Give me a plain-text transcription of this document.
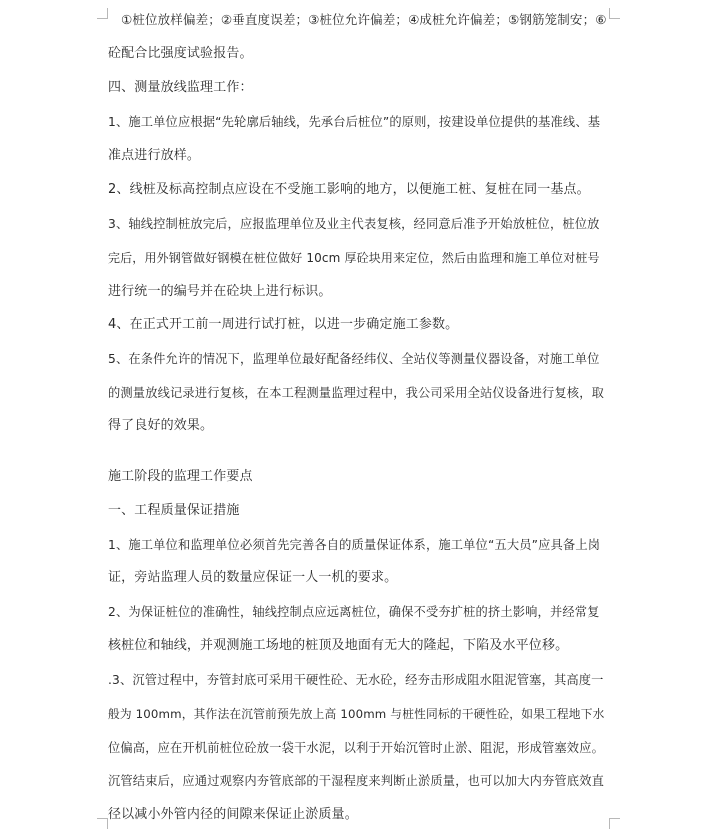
①桩位放样偏差；②垂直度误差；③桩位允许偏差；④成桩允许偏差；⑤钢筋笼制安；⑥
砼配合比强度试验报告。
四、测量放线监理工作：
1、施工单位应根据“先轮廓后轴线，先承台后桩位”的原则，按建设单位提供的基准线、基
准点进行放样。
2、线桩及标高控制点应设在不受施工影响的地方，以便施工桩、复桩在同一基点。
3、轴线控制桩放完后，应报监理单位及业主代表复核，经同意后准予开始放桩位，桩位放
完后，用外钢管做好钢模在桩位做好 10cm 厚砼块用来定位，然后由监理和施工单位对桩号
进行统一的编号并在砼块上进行标识。
4、在正式开工前一周进行试打桩，以进一步确定施工参数。
5、在条件允许的情况下，监理单位最好配备经纬仪、全站仪等测量仪器设备，对施工单位
的测量放线记录进行复核，在本工程测量监理过程中，我公司采用全站仪设备进行复核，取
得了良好的效果。
施工阶段的监理工作要点
一、工程质量保证措施
1、施工单位和监理单位必须首先完善各自的质量保证体系，施工单位“五大员”应具备上岗
证，旁站监理人员的数量应保证一人一机的要求。
2、为保证桩位的准确性，轴线控制点应远离桩位，确保不受夯扩桩的挤土影响，并经常复
核桩位和轴线，并观测施工场地的桩顶及地面有无大的隆起，下陷及水平位移。
.3、沉管过程中，夯管封底可采用干硬性砼、无水砼，经夯击形成阻水阻泥管塞，其高度一
般为 100mm，其作法在沉管前预先放上高 100mm 与桩性同标的干硬性砼，如果工程地下水
位偏高，应在开机前桩位砼放一袋干水泥，以利于开始沉管时止淤、阻泥，形成管塞效应。
沉管结束后，应通过观察内夯管底部的干湿程度来判断止淤质量，也可以加大内夯管底效直
径以减小外管内径的间隙来保证止淤质量。
